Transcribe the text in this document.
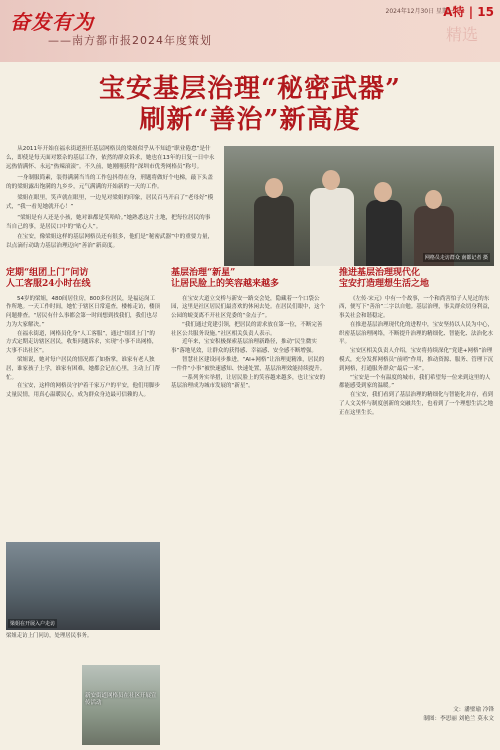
奋发有为
——南方都市报2024年度策划
2024年12月30日 星期一
A特 | 15
精选
宝安基层治理“秘密武器”
刷新“善治”新高度

从2011年开始在福永街道担任基层网格员的梁姐似乎从不知道“职业倦怠”是什么，即使是每天面对繁杂的基层工作，依然的群众诉求，她也在13年的日复一日中永远热情满怀、永远“热辣滚滚”。不久前，她刚刚获得“深圳市优秀网格员”称号。

一身制服简素，装得满满当当的工作包抖得在身，刑题将做好个电梯，敲下头盖的的梁姐露出饱满的九乡乡，元气满满的开始新的一天的工作。

梁姐在眼里，笑声就在眼里，一边见对梁姐的印象，居民百马开启了“老母好”模式，“我一看见她就开心！”

“梁姐是有人还是小孩，她对谁都是笑哈哈。”她熟悉这片土地，把每位居民的事当自己的事，是居民口中的“贴心人”。

在宝安，像梁姐这样的基层网格员还有很多，他们是“秘密武器”中的重要力量，以点滴行动助力基层治理迈向“善治”新高度。

网格员走访群众 南都记者 摄
定期“组团上门”问访
人工客服24小时在线

54岁的梁姐，480间居住房，800多位居民，是福运岗工作所地。一天工作时间，她忙于辖区日常巡查，楼栋走访，楼顶问题排查。“居民有什么事都会第一时间想到找我们，我们也尽力为大家解决。”

在福永街道，网格员化身“人工客服”，通过“组团上门”的方式定期走访辖区居民，收集问题诉求，实现“小事不出网格，大事不出社区”。

梁姐说，她对每户居民的情况都了如指掌，谁家有老人独居，谁家孩子上学，谁家有困难，她都会记在心里，主动上门帮忙。

在宝安，这样的网格员守护着千家万户的平安，他们用脚步丈量民情，用真心温暖民心，成为群众身边最可信赖的人。

梁姐在开展入户走访
梁姐走访上门问访，处理居民事务。
基层治理“新星”
让居民脸上的笑容越来越多

在宝安大道立交桥与新安一路交会处，隐藏着一个口袋公园，这里是社区居民们最喜欢的休闲去处。在居民们眼中，这个公园的蜕变离不开社区党委的“金点子”。

“我们通过党建引领，把居民的需求放在第一位，不断完善社区公共服务设施。”社区相关负责人表示。

近年来，宝安积极探索基层治理新路径，推动“民生微实事”落地见效，让群众的获得感、幸福感、安全感不断增强。

智慧社区建设同步推进，“AI+网格”让治理更精准，居民的一件件“小事”被快速感知、快速处置，基层治理效能持续提升。

一系列务实举措，让居民脸上的笑容越来越多，也让宝安的基层治理成为城市发展的“新星”。

推进基层治理现代化
宝安打造理想生活之地

《左传·宋元》中有一个故事，一个和尚害怕子人见过的东西，便写下“善治”二字以自勉。基层治理，事关群众切身利益，事关社会和谐稳定。

在推进基层治理现代化的进程中，宝安坚持以人民为中心，织密基层治理网络，不断提升治理的精细化、智能化、法治化水平。

宝安区相关负责人介绍，宝安将持续深化“党建+网格”治理模式，充分发挥网格员“前哨”作用，推动资源、服务、管理下沉到网格，打通服务群众“最后一米”。

“宝安是一个有温度的城市，我们希望每一位来到这里的人都能感受到家的温暖。”

在宝安，我们看到了基层治理的精细化与智能化并存，看到了人文关怀与制度创新的交融共生，也看到了一个理想生活之地正在这里生长。

新安街道网格员在社区开展宣传活动
文：潘璧瑜 冷锋
制图：李思丽 刘艳兰 莫永文
